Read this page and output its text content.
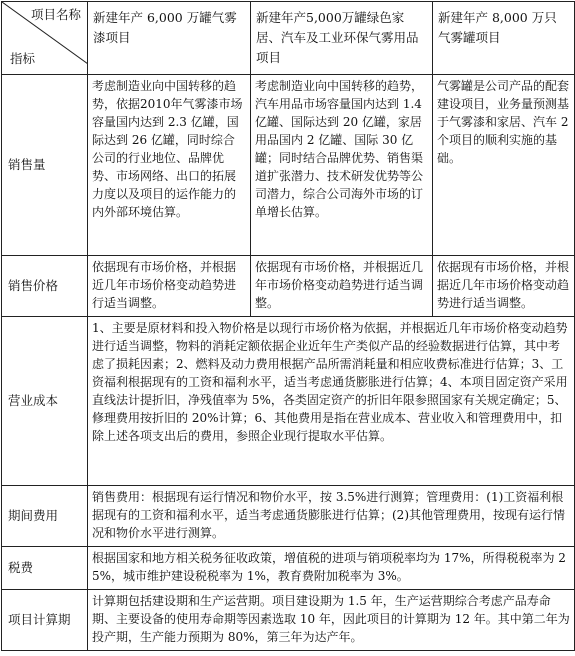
项目名称
指标	新建年产 6,000 万罐气雾漆项目	新建年产5,000万罐绿色家居、汽车及工业环保气雾用品项目	新建年产 8,000 万只气雾罐项目
销售量	考虑制造业向中国转移的趋势，依据2010年气雾漆市场容量国内达到 2.3 亿罐，国际达到 26 亿罐，同时综合公司的行业地位、品牌优势、市场网络、出口的拓展力度以及项目的运作能力的内外部环境估算。	考虑制造业向中国转移的趋势，汽车用品市场容量国内达到 1.4 亿罐、国际达到 20 亿罐，家居用品国内 2 亿罐、国际 30 亿罐；同时结合品牌优势、销售渠道扩张潜力、技术研发优势等公司潜力，综合公司海外市场的订单增长估算。	气雾罐是公司产品的配套建设项目，业务量预测基于气雾漆和家居、汽车 2 个项目的顺利实施的基础。
销售价格	依据现有市场价格，并根据近几年市场价格变动趋势进行适当调整。	依据现有市场价格，并根据近几年市场价格变动趋势进行适当调整。	依据现有市场价格，并根据近几年市场价格变动趋势进行适当调整。
营业成本	1、主要是原材料和投入物价格是以现行市场价格为依据，并根据近几年市场价格变动趋势进行适当调整，物料的消耗定额依据企业近年生产类似产品的经验数据进行估算，其中考虑了损耗因素；2、燃料及动力费用根据产品所需消耗量和相应收费标准进行估算；3、工资福利根据现有的工资和福利水平，适当考虑通货膨胀进行估算；4、本项目固定资产采用直线法计提折旧，净残值率为 5%，各类固定资产的折旧年限参照国家有关规定确定；5、修理费用按折旧的 20%计算；6、其他费用是指在营业成本、营业收入和管理费用中，扣除上述各项支出后的费用，参照企业现行提取水平估算。		
期间费用	销售费用：根据现有运行情况和物价水平，按 3.5%进行测算；管理费用：(1)工资福利根据现有的工资和福利水平，适当考虑通货膨胀进行估算；(2)其他管理费用，按现有运行情况和物价水平进行测算。		
税费	根据国家和地方相关税务征收政策，增值税的进项与销项税率均为 17%，所得税税率为 25%，城市维护建设税税率为 1%，教育费附加税率为 3%。		
项目计算期	计算期包括建设期和生产运营期。项目建设期为 1.5 年，生产运营期综合考虑产品寿命期、主要设备的使用寿命期等因素选取 10 年，因此项目的计算期为 12 年。其中第二年为投产期，生产能力预期为 80%，第三年为达产年。		
